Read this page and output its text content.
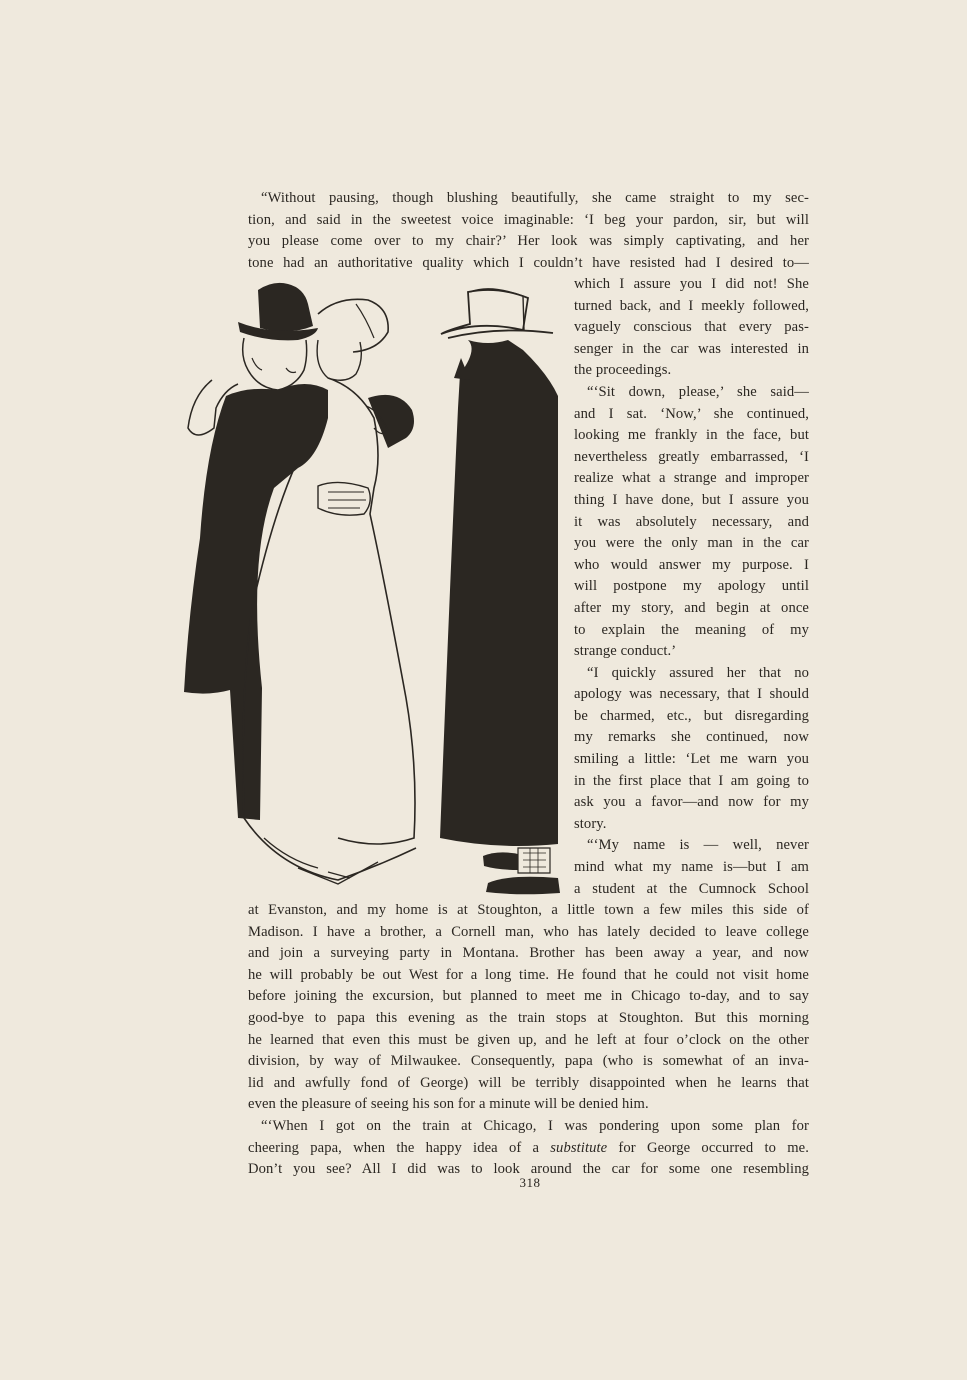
“Without pausing, though blushing beautifully, she came straight to my sec-
tion, and said in the sweetest voice imaginable: ‘I beg your pardon, sir, but will
you please come over to my chair?’ Her look was simply captivating, and her
tone had an authoritative quality which I couldn’t have resisted had I desired to—
which I assure you I did not! She
turned back, and I meekly followed,
vaguely conscious that every pas-
senger in the car was interested in
the proceedings.
“‘Sit down, please,’ she said—
and I sat. ‘Now,’ she continued,
looking me frankly in the face, but
nevertheless greatly embarrassed, ‘I
realize what a strange and improper
thing I have done, but I assure you
it was absolutely necessary, and
you were the only man in the car
who would answer my purpose. I
will postpone my apology until
after my story, and begin at once
to explain the meaning of my
strange conduct.’
“I quickly assured her that no
apology was necessary, that I should
be charmed, etc., but disregarding
my remarks she continued, now
smiling a little: ‘Let me warn you
in the first place that I am going to
ask you a favor—and now for my
story.
“‘My name is — well, never
mind what my name is—but I am
a student at the Cumnock School
at Evanston, and my home is at Stoughton, a little town a few miles this side of
Madison. I have a brother, a Cornell man, who has lately decided to leave college
and join a surveying party in Montana. Brother has been away a year, and now
he will probably be out West for a long time. He found that he could not visit home
before joining the excursion, but planned to meet me in Chicago to-day, and to say
good-bye to papa this evening as the train stops at Stoughton. But this morning
he learned that even this must be given up, and he left at four o’clock on the other
division, by way of Milwaukee. Consequently, papa (who is somewhat of an inva-
lid and awfully fond of George) will be terribly disappointed when he learns that
even the pleasure of seeing his son for a minute will be denied him.
“‘When I got on the train at Chicago, I was pondering upon some plan for
cheering papa, when the happy idea of a substitute for George occurred to me.
Don’t you see? All I did was to look around the car for some one resembling
318
